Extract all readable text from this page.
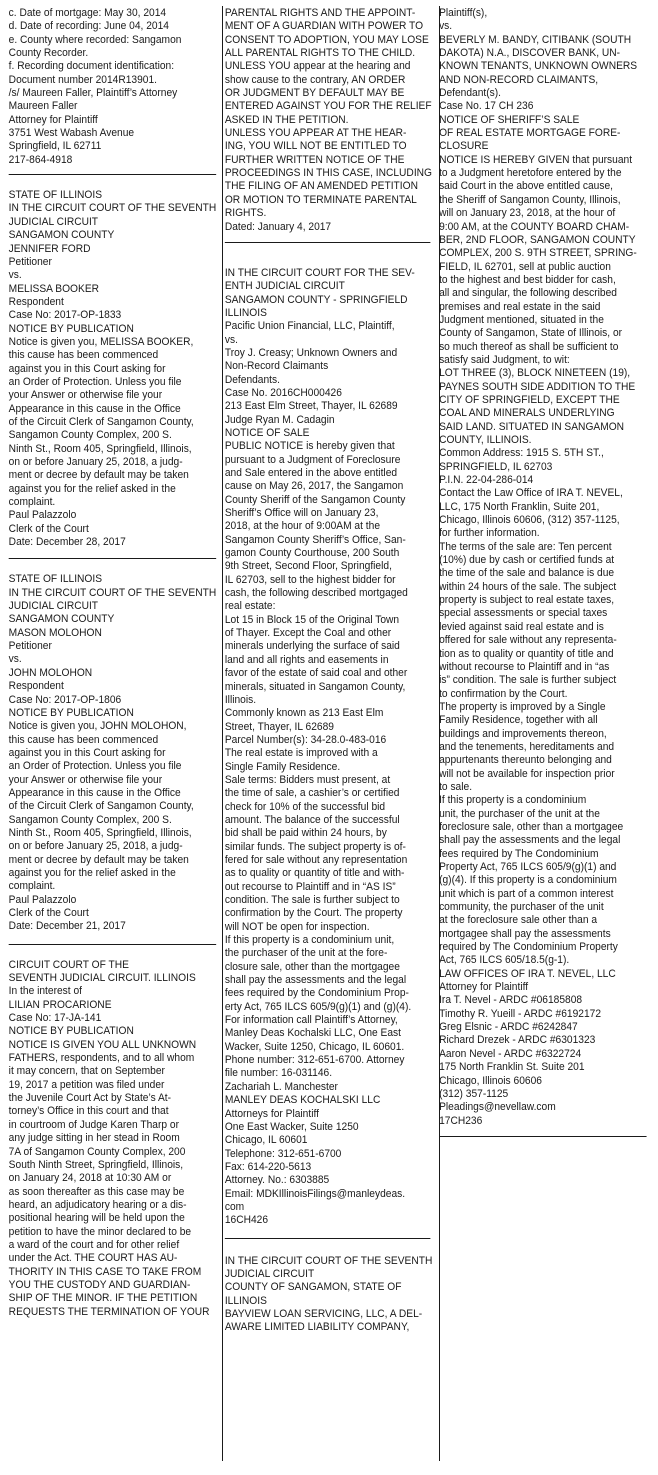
c. Date of mortgage: May 30, 2014
d. Date of recording: June 04, 2014
e. County where recorded: Sangamon
County Recorder.
f. Recording document identification:
Document number 2014R13901.
/s/ Maureen Faller, Plaintiff’s Attorney
Maureen Faller
Attorney for Plaintiff
3751 West Wabash Avenue
Springfield, IL 62711
217-864-4918
STATE OF ILLINOIS
IN THE CIRCUIT COURT OF THE SEVENTH
JUDICIAL CIRCUIT
SANGAMON COUNTY
JENNIFER FORD
Petitioner
vs.
MELISSA BOOKER
Respondent
Case No: 2017-OP-1833
NOTICE BY PUBLICATION
Notice is given you, MELISSA BOOKER,
this cause has been commenced
against you in this Court asking for
an Order of Protection. Unless you file
your Answer or otherwise file your
Appearance in this cause in the Office
of the Circuit Clerk of Sangamon County,
Sangamon County Complex, 200 S.
Ninth St., Room 405, Springfield, Illinois,
on or before January 25, 2018, a judg-
ment or decree by default may be taken
against you for the relief asked in the
complaint.
Paul Palazzolo
Clerk of the Court
Date: December 28, 2017
STATE OF ILLINOIS
IN THE CIRCUIT COURT OF THE SEVENTH
JUDICIAL CIRCUIT
SANGAMON COUNTY
MASON MOLOHON
Petitioner
vs.
JOHN MOLOHON
Respondent
Case No: 2017-OP-1806
NOTICE BY PUBLICATION
Notice is given you, JOHN MOLOHON,
this cause has been commenced
against you in this Court asking for
an Order of Protection. Unless you file
your Answer or otherwise file your
Appearance in this cause in the Office
of the Circuit Clerk of Sangamon County,
Sangamon County Complex, 200 S.
Ninth St., Room 405, Springfield, Illinois,
on or before January 25, 2018, a judg-
ment or decree by default may be taken
against you for the relief asked in the
complaint.
Paul Palazzolo
Clerk of the Court
Date: December 21, 2017
CIRCUIT COURT OF THE
SEVENTH JUDICIAL CIRCUIT. ILLINOIS
In the interest of
LILIAN PROCARIONE
Case No: 17-JA-141
NOTICE BY PUBLICATION
NOTICE IS GIVEN YOU ALL UNKNOWN
FATHERS, respondents, and to all whom
it may concern, that on September
19, 2017 a petition was filed under
the Juvenile Court Act by State’s At-
torney’s Office in this court and that
in courtroom of Judge Karen Tharp or
any judge sitting in her stead in Room
7A of Sangamon County Complex, 200
South Ninth Street, Springfield, Illinois,
on January 24, 2018 at 10:30 AM or
as soon thereafter as this case may be
heard, an adjudicatory hearing or a dis-
positional hearing will be held upon the
petition to have the minor declared to be
a ward of the court and for other relief
under the Act. THE COURT HAS AU-
THORITY IN THIS CASE TO TAKE FROM
YOU THE CUSTODY AND GUARDIAN-
SHIP OF THE MINOR. IF THE PETITION
REQUESTS THE TERMINATION OF YOUR
PARENTAL RIGHTS AND THE APPOINT-
MENT OF A GUARDIAN WITH POWER TO
CONSENT TO ADOPTION, YOU MAY LOSE
ALL PARENTAL RIGHTS TO THE CHILD.
UNLESS YOU appear at the hearing and
show cause to the contrary, AN ORDER
OR JUDGMENT BY DEFAULT MAY BE
ENTERED AGAINST YOU FOR THE RELIEF
ASKED IN THE PETITION.
UNLESS YOU APPEAR AT THE HEAR-
ING, YOU WILL NOT BE ENTITLED TO
FURTHER WRITTEN NOTICE OF THE
PROCEEDINGS IN THIS CASE, INCLUDING
THE FILING OF AN AMENDED PETITION
OR MOTION TO TERMINATE PARENTAL
RIGHTS.
Dated: January 4, 2017
IN THE CIRCUIT COURT FOR THE SEV-
ENTH JUDICIAL CIRCUIT
SANGAMON COUNTY - SPRINGFIELD
ILLINOIS
Pacific Union Financial, LLC, Plaintiff,
vs.
Troy J. Creasy; Unknown Owners and
Non-Record Claimants
Defendants.
Case No. 2016CH000426
213 East Elm Street, Thayer, IL 62689
Judge Ryan M. Cadagin
NOTICE OF SALE
PUBLIC NOTICE is hereby given that
pursuant to a Judgment of Foreclosure
and Sale entered in the above entitled
cause on May 26, 2017, the Sangamon
County Sheriff of the Sangamon County
Sheriff’s Office will on January 23,
2018, at the hour of 9:00AM at the
Sangamon County Sheriff’s Office, San-
gamon County Courthouse, 200 South
9th Street, Second Floor, Springfield,
IL 62703, sell to the highest bidder for
cash, the following described mortgaged
real estate:
Lot 15 in Block 15 of the Original Town
of Thayer. Except the Coal and other
minerals underlying the surface of said
land and all rights and easements in
favor of the estate of said coal and other
minerals, situated in Sangamon County,
Illinois.
Commonly known as 213 East Elm
Street, Thayer, IL 62689
Parcel Number(s): 34-28.0-483-016
The real estate is improved with a
Single Family Residence.
Sale terms: Bidders must present, at
the time of sale, a cashier’s or certified
check for 10% of the successful bid
amount. The balance of the successful
bid shall be paid within 24 hours, by
similar funds. The subject property is of-
fered for sale without any representation
as to quality or quantity of title and with-
out recourse to Plaintiff and in “AS IS”
condition. The sale is further subject to
confirmation by the Court. The property
will NOT be open for inspection.
If this property is a condominium unit,
the purchaser of the unit at the fore-
closure sale, other than the mortgagee
shall pay the assessments and the legal
fees required by the Condominium Prop-
erty Act, 765 ILCS 605/9(g)(1) and (g)(4).
For information call Plaintiff’s Attorney,
Manley Deas Kochalski LLC, One East
Wacker, Suite 1250, Chicago, IL 60601.
Phone number: 312-651-6700. Attorney
file number: 16-031146.
Zachariah L. Manchester
MANLEY DEAS KOCHALSKI LLC
Attorneys for Plaintiff
One East Wacker, Suite 1250
Chicago, IL 60601
Telephone: 312-651-6700
Fax: 614-220-5613
Attorney. No.: 6303885
Email: MDKIllinoisFilings@manleydeas.
com
16CH426
IN THE CIRCUIT COURT OF THE SEVENTH
JUDICIAL CIRCUIT
COUNTY OF SANGAMON, STATE OF
ILLINOIS
BAYVIEW LOAN SERVICING, LLC, A DEL-
AWARE LIMITED LIABILITY COMPANY,
Plaintiff(s),
vs.
BEVERLY M. BANDY, CITIBANK (SOUTH
DAKOTA) N.A., DISCOVER BANK, UN-
KNOWN TENANTS, UNKNOWN OWNERS
AND NON-RECORD CLAIMANTS,
Defendant(s).
Case No. 17 CH 236
NOTICE OF SHERIFF’S SALE
OF REAL ESTATE MORTGAGE FORE-
CLOSURE
NOTICE IS HEREBY GIVEN that pursuant
to a Judgment heretofore entered by the
said Court in the above entitled cause,
the Sheriff of Sangamon County, Illinois,
will on January 23, 2018, at the hour of
9:00 AM, at the COUNTY BOARD CHAM-
BER, 2ND FLOOR, SANGAMON COUNTY
COMPLEX, 200 S. 9TH STREET, SPRING-
FIELD, IL 62701, sell at public auction
to the highest and best bidder for cash,
all and singular, the following described
premises and real estate in the said
Judgment mentioned, situated in the
County of Sangamon, State of Illinois, or
so much thereof as shall be sufficient to
satisfy said Judgment, to wit:
LOT THREE (3), BLOCK NINETEEN (19),
PAYNES SOUTH SIDE ADDITION TO THE
CITY OF SPRINGFIELD, EXCEPT THE
COAL AND MINERALS UNDERLYING
SAID LAND. SITUATED IN SANGAMON
COUNTY, ILLINOIS.
Common Address: 1915 S. 5TH ST.,
SPRINGFIELD, IL 62703
P.I.N. 22-04-286-014
Contact the Law Office of IRA T. NEVEL,
LLC, 175 North Franklin, Suite 201,
Chicago, Illinois 60606, (312) 357-1125,
for further information.
The terms of the sale are: Ten percent
(10%) due by cash or certified funds at
the time of the sale and balance is due
within 24 hours of the sale. The subject
property is subject to real estate taxes,
special assessments or special taxes
levied against said real estate and is
offered for sale without any representa-
tion as to quality or quantity of title and
without recourse to Plaintiff and in “as
is” condition. The sale is further subject
to confirmation by the Court.
The property is improved by a Single
Family Residence, together with all
buildings and improvements thereon,
and the tenements, hereditaments and
appurtenants thereunto belonging and
will not be available for inspection prior
to sale.
If this property is a condominium
unit, the purchaser of the unit at the
foreclosure sale, other than a mortgagee
shall pay the assessments and the legal
fees required by The Condominium
Property Act, 765 ILCS 605/9(g)(1) and
(g)(4). If this property is a condominium
unit which is part of a common interest
community, the purchaser of the unit
at the foreclosure sale other than a
mortgagee shall pay the assessments
required by The Condominium Property
Act, 765 ILCS 605/18.5(g-1).
LAW OFFICES OF IRA T. NEVEL, LLC
Attorney for Plaintiff
Ira T. Nevel - ARDC #06185808
Timothy R. Yueill - ARDC #6192172
Greg Elsnic - ARDC #6242847
Richard Drezek - ARDC #6301323
Aaron Nevel - ARDC #6322724
175 North Franklin St. Suite 201
Chicago, Illinois 60606
(312) 357-1125
Pleadings@nevellaw.com
17CH236
